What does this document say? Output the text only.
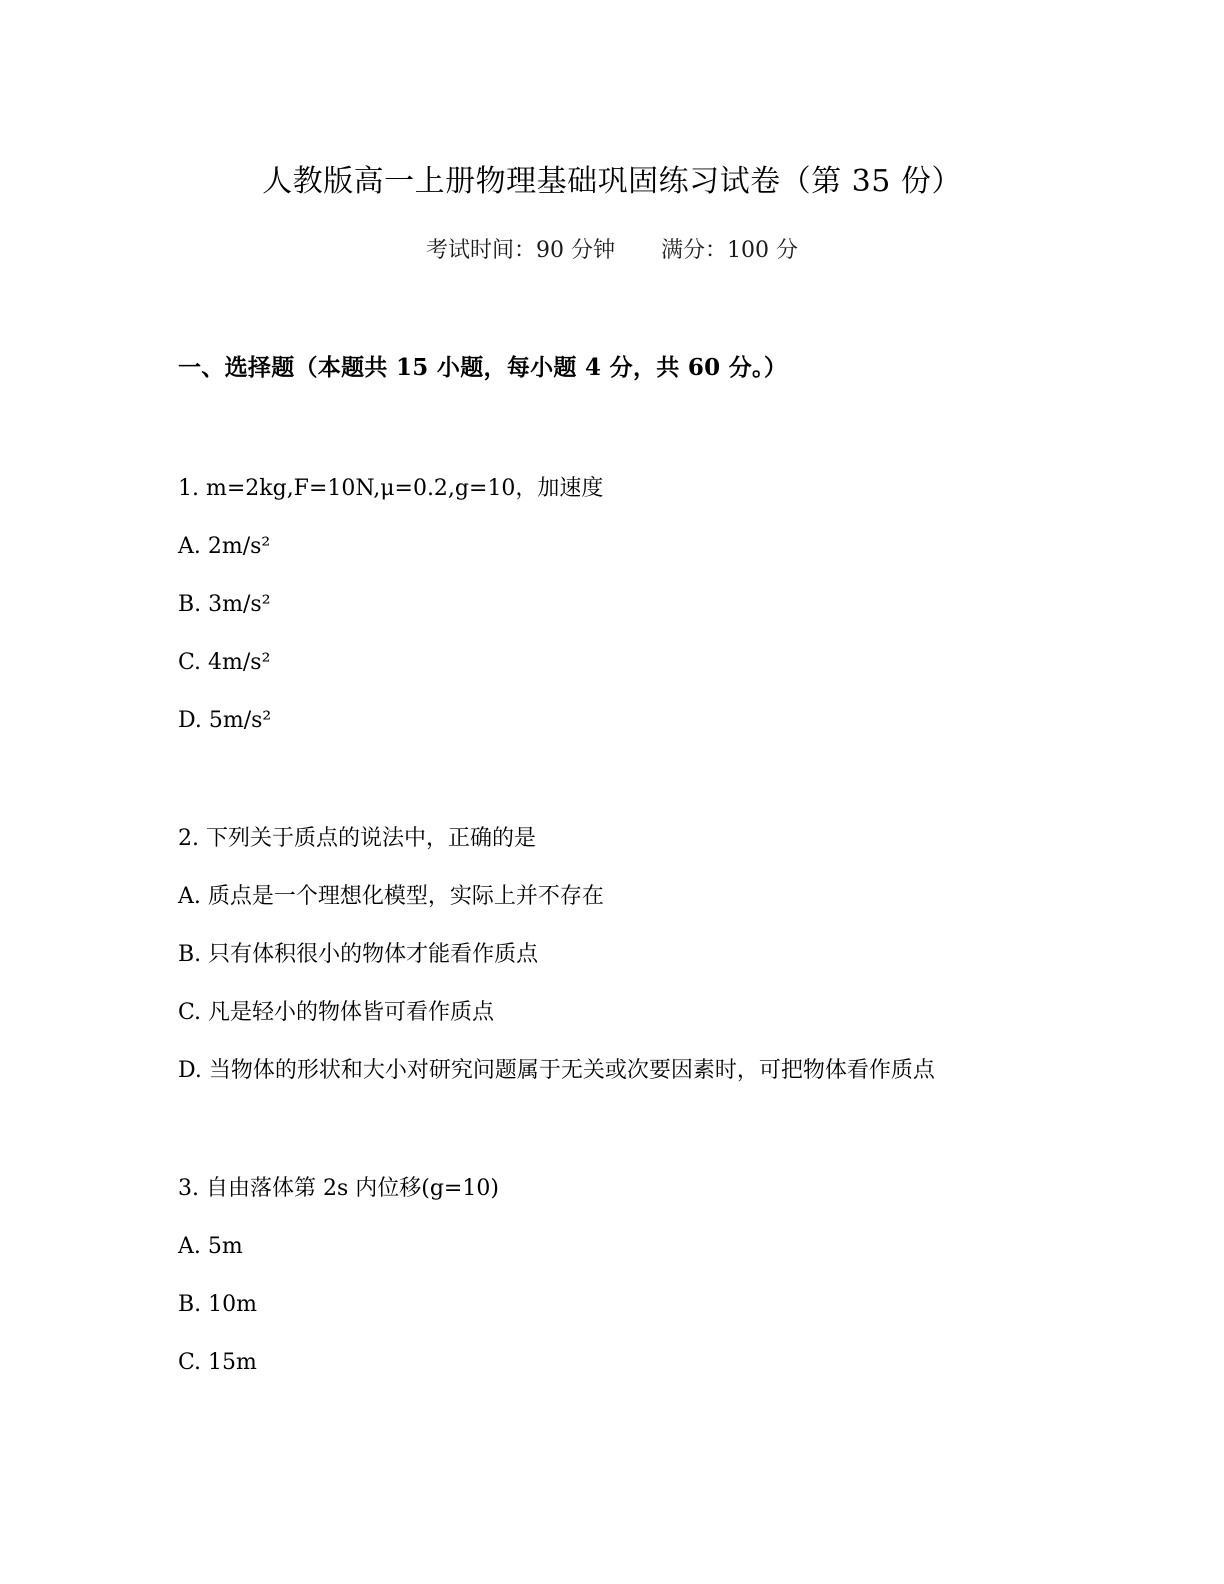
人教版高一上册物理基础巩固练习试卷（第 35 份）
考试时间：90 分钟 满分：100 分
一、选择题（本题共 15 小题，每小题 4 分，共 60 分。）
1. m=2kg,F=10N,μ=0.2,g=10，加速度
A. 2m/s²
B. 3m/s²
C. 4m/s²
D. 5m/s²
2. 下列关于质点的说法中，正确的是
A. 质点是一个理想化模型，实际上并不存在
B. 只有体积很小的物体才能看作质点
C. 凡是轻小的物体皆可看作质点
D. 当物体的形状和大小对研究问题属于无关或次要因素时，可把物体看作质点
3. 自由落体第 2s 内位移(g=10)
A. 5m
B. 10m
C. 15m
